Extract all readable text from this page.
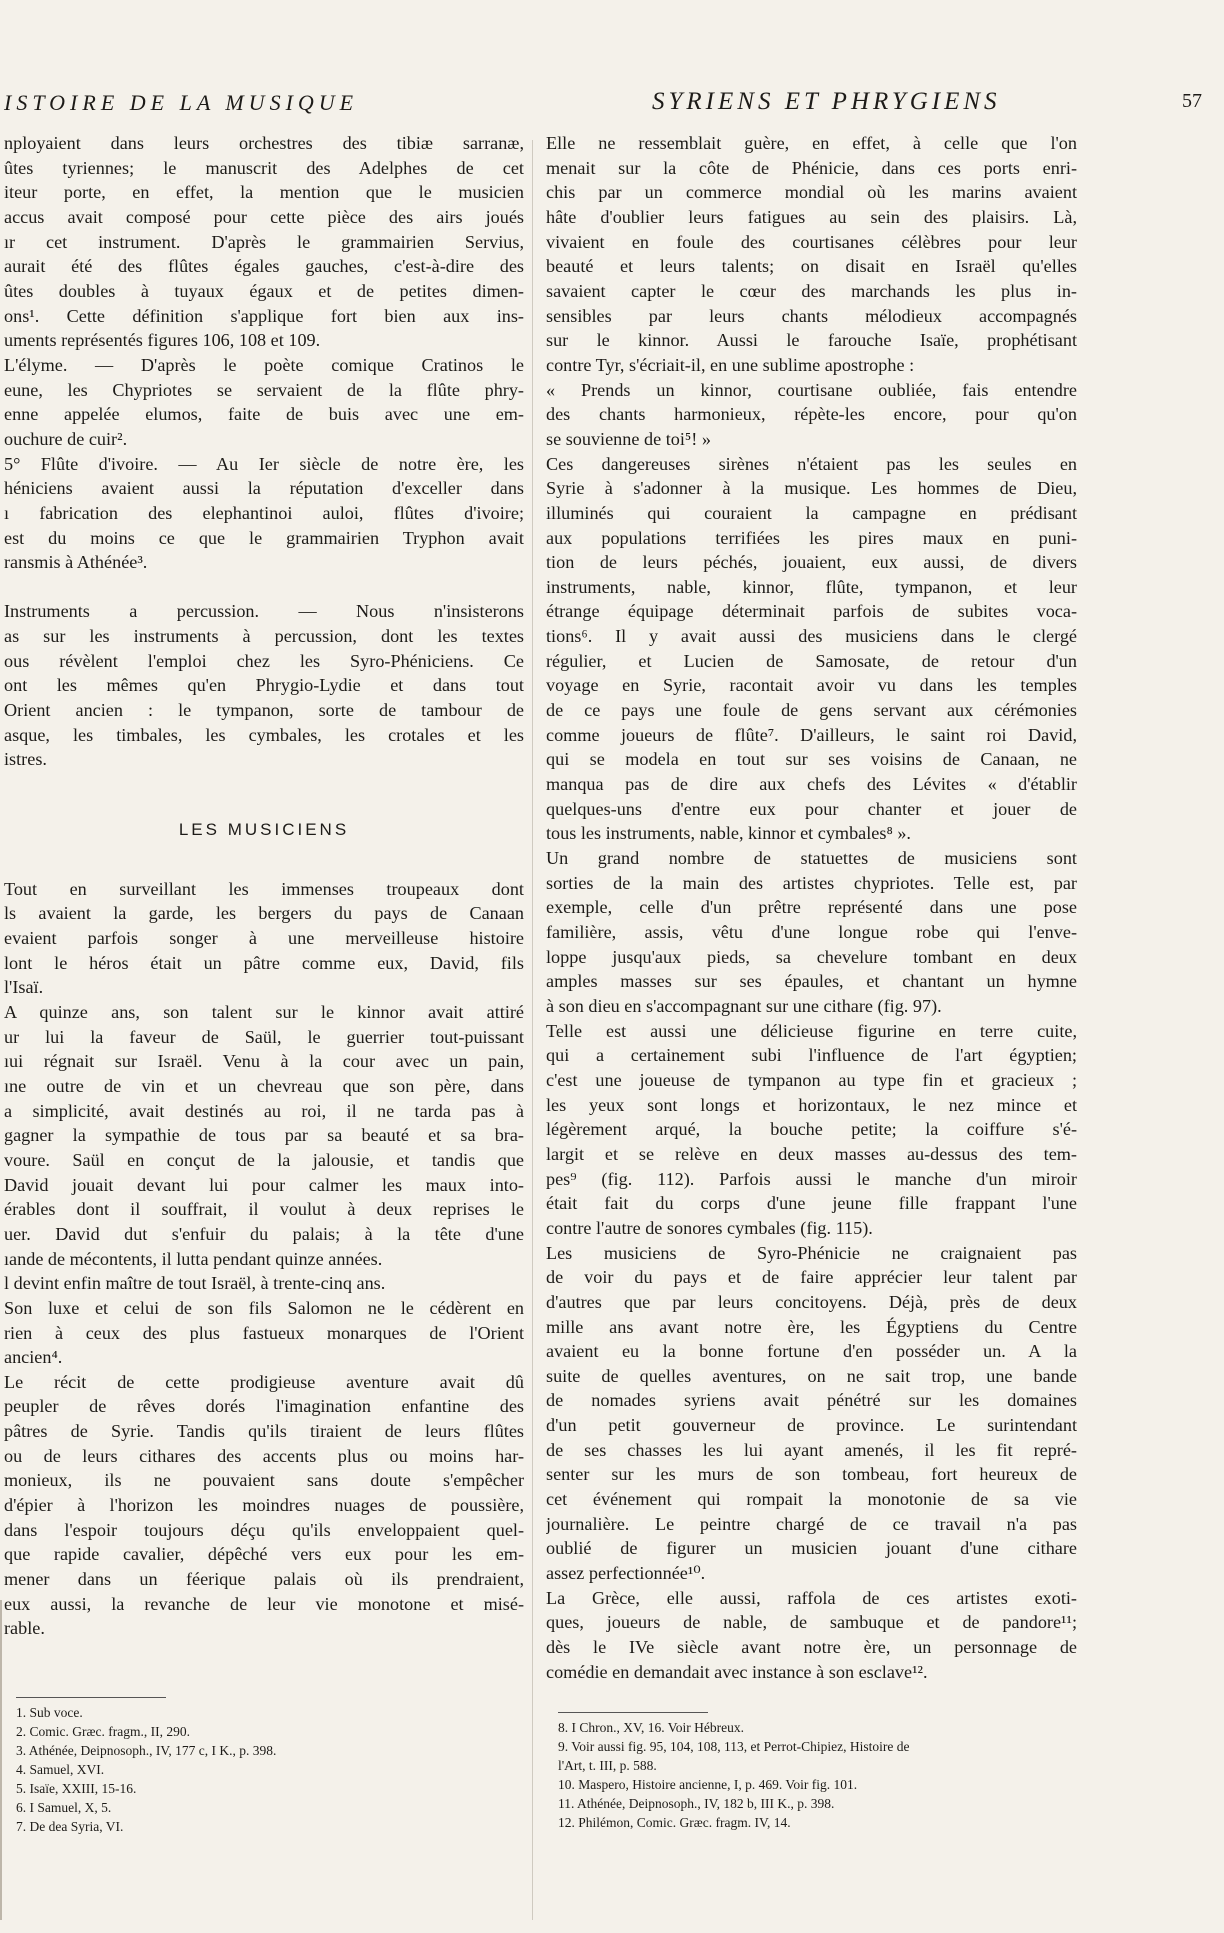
ISTOIRE DE LA MUSIQUE	SYRIENS ET PHRYGIENS	57
nployaient dans leurs orchestres des tibiæ sarranæ,
ûtes tyriennes; le manuscrit des Adelphes de cet
iteur porte, en effet, la mention que le musicien
accus avait composé pour cette pièce des airs joués
ır cet instrument. D'après le grammairien Servius,
aurait été des flûtes égales gauches, c'est-à-dire des
ûtes doubles à tuyaux égaux et de petites dimen-
ons¹. Cette définition s'applique fort bien aux ins-
uments représentés figures 106, 108 et 109.
L'élyme. — D'après le poète comique Cratinos le
eune, les Chypriotes se servaient de la flûte phry-
enne appelée elumos, faite de buis avec une em-
ouchure de cuir².
5° Flûte d'ivoire. — Au Ier siècle de notre ère, les
héniciens avaient aussi la réputation d'exceller dans
ı fabrication des elephantinoi auloi, flûtes d'ivoire;
est du moins ce que le grammairien Tryphon avait
ransmis à Athénée³.
Instruments a percussion. — Nous n'insisterons
as sur les instruments à percussion, dont les textes
ous révèlent l'emploi chez les Syro-Phéniciens. Ce
ont les mêmes qu'en Phrygio-Lydie et dans tout
Orient ancien : le tympanon, sorte de tambour de
asque, les timbales, les cymbales, les crotales et les
istres.
LES MUSICIENS
Tout en surveillant les immenses troupeaux dont
ls avaient la garde, les bergers du pays de Canaan
evaient parfois songer à une merveilleuse histoire
lont le héros était un pâtre comme eux, David, fils
l'Isaï.
A quinze ans, son talent sur le kinnor avait attiré
ur lui la faveur de Saül, le guerrier tout-puissant
ıui régnait sur Israël. Venu à la cour avec un pain,
ıne outre de vin et un chevreau que son père, dans
a simplicité, avait destinés au roi, il ne tarda pas à
gagner la sympathie de tous par sa beauté et sa bra-
voure. Saül en conçut de la jalousie, et tandis que
David jouait devant lui pour calmer les maux into-
érables dont il souffrait, il voulut à deux reprises le
uer. David dut s'enfuir du palais; à la tête d'une
ıande de mécontents, il lutta pendant quinze années.
l devint enfin maître de tout Israël, à trente-cinq ans.
Son luxe et celui de son fils Salomon ne le cédèrent en
rien à ceux des plus fastueux monarques de l'Orient
ancien⁴.
Le récit de cette prodigieuse aventure avait dû
peupler de rêves dorés l'imagination enfantine des
pâtres de Syrie. Tandis qu'ils tiraient de leurs flûtes
ou de leurs cithares des accents plus ou moins har-
monieux, ils ne pouvaient sans doute s'empêcher
d'épier à l'horizon les moindres nuages de poussière,
dans l'espoir toujours déçu qu'ils enveloppaient quel-
que rapide cavalier, dépêché vers eux pour les em-
mener dans un féerique palais où ils prendraient,
eux aussi, la revanche de leur vie monotone et misé-
rable.
Elle ne ressemblait guère, en effet, à celle que l'on
menait sur la côte de Phénicie, dans ces ports enri-
chis par un commerce mondial où les marins avaient
hâte d'oublier leurs fatigues au sein des plaisirs. Là,
vivaient en foule des courtisanes célèbres pour leur
beauté et leurs talents; on disait en Israël qu'elles
savaient capter le cœur des marchands les plus in-
sensibles par leurs chants mélodieux accompagnés
sur le kinnor. Aussi le farouche Isaïe, prophétisant
contre Tyr, s'écriait-il, en une sublime apostrophe :
« Prends un kinnor, courtisane oubliée, fais entendre
des chants harmonieux, répète-les encore, pour qu'on
se souvienne de toi⁵! »
Ces dangereuses sirènes n'étaient pas les seules en
Syrie à s'adonner à la musique. Les hommes de Dieu,
illuminés qui couraient la campagne en prédisant
aux populations terrifiées les pires maux en puni-
tion de leurs péchés, jouaient, eux aussi, de divers
instruments, nable, kinnor, flûte, tympanon, et leur
étrange équipage déterminait parfois de subites voca-
tions⁶. Il y avait aussi des musiciens dans le clergé
régulier, et Lucien de Samosate, de retour d'un
voyage en Syrie, racontait avoir vu dans les temples
de ce pays une foule de gens servant aux cérémonies
comme joueurs de flûte⁷. D'ailleurs, le saint roi David,
qui se modela en tout sur ses voisins de Canaan, ne
manqua pas de dire aux chefs des Lévites « d'établir
quelques-uns d'entre eux pour chanter et jouer de
tous les instruments, nable, kinnor et cymbales⁸ ».
Un grand nombre de statuettes de musiciens sont
sorties de la main des artistes chypriotes. Telle est, par
exemple, celle d'un prêtre représenté dans une pose
familière, assis, vêtu d'une longue robe qui l'enve-
loppe jusqu'aux pieds, sa chevelure tombant en deux
amples masses sur ses épaules, et chantant un hymne
à son dieu en s'accompagnant sur une cithare (fig. 97).
Telle est aussi une délicieuse figurine en terre cuite,
qui a certainement subi l'influence de l'art égyptien;
c'est une joueuse de tympanon au type fin et gracieux ;
les yeux sont longs et horizontaux, le nez mince et
légèrement arqué, la bouche petite; la coiffure s'é-
largit et se relève en deux masses au-dessus des tem-
pes⁹ (fig. 112). Parfois aussi le manche d'un miroir
était fait du corps d'une jeune fille frappant l'une
contre l'autre de sonores cymbales (fig. 115).
Les musiciens de Syro-Phénicie ne craignaient pas
de voir du pays et de faire apprécier leur talent par
d'autres que par leurs concitoyens. Déjà, près de deux
mille ans avant notre ère, les Égyptiens du Centre
avaient eu la bonne fortune d'en posséder un. A la
suite de quelles aventures, on ne sait trop, une bande
de nomades syriens avait pénétré sur les domaines
d'un petit gouverneur de province. Le surintendant
de ses chasses les lui ayant amenés, il les fit repré-
senter sur les murs de son tombeau, fort heureux de
cet événement qui rompait la monotonie de sa vie
journalière. Le peintre chargé de ce travail n'a pas
oublié de figurer un musicien jouant d'une cithare
assez perfectionnée¹⁰.
La Grèce, elle aussi, raffola de ces artistes exoti-
ques, joueurs de nable, de sambuque et de pandore¹¹;
dès le IVe siècle avant notre ère, un personnage de
comédie en demandait avec instance à son esclave¹².
1. Sub voce.
2. Comic. Græc. fragm., II, 290.
3. Athénée, Deipnosoph., IV, 177 c, I K., p. 398.
4. Samuel, XVI.
5. Isaïe, XXIII, 15-16.
6. I Samuel, X, 5.
7. De dea Syria, VI.
8. I Chron., XV, 16. Voir Hébreux.
9. Voir aussi fig. 95, 104, 108, 113, et Perrot-Chipiez, Histoire de
l'Art, t. III, p. 588.
10. Maspero, Histoire ancienne, I, p. 469. Voir fig. 101.
11. Athénée, Deipnosoph., IV, 182 b, III K., p. 398.
12. Philémon, Comic. Græc. fragm. IV, 14.
